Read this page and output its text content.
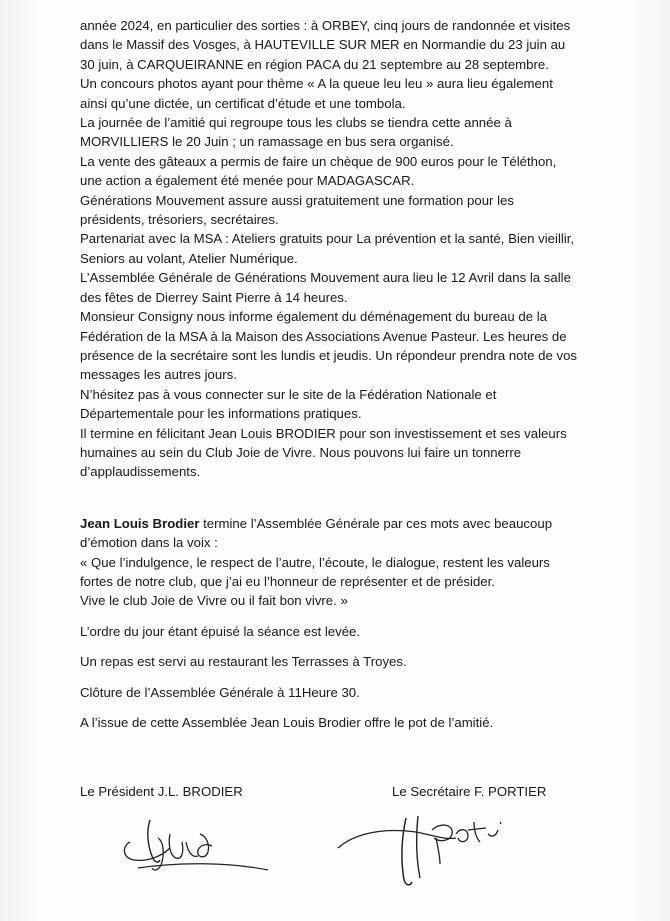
année 2024, en particulier des sorties : à ORBEY, cinq jours de randonnée et visites dans le Massif des Vosges, à HAUTEVILLE SUR MER en Normandie du 23 juin au 30 juin, à CARQUEIRANNE en région PACA du 21 septembre au 28 septembre.

Un concours photos ayant pour thème « A la queue leu leu » aura lieu également ainsi qu’une dictée, un certificat d’étude et une tombola.

La journée de l’amitié qui regroupe tous les clubs se tiendra cette année à MORVILLIERS le 20 Juin ; un ramassage en bus sera organisé.

La vente des gâteaux a permis de faire un chèque de 900 euros pour le Téléthon, une action a également été menée pour MADAGASCAR.

Générations Mouvement assure aussi gratuitement une formation pour les présidents, trésoriers, secrétaires.

Partenariat avec la MSA : Ateliers gratuits pour La prévention et la santé, Bien vieillir, Seniors au volant, Atelier Numérique.

L’Assemblée Générale de Générations Mouvement aura lieu le 12 Avril dans la salle des fêtes de Dierrey Saint Pierre à 14 heures.

Monsieur Consigny nous informe également du déménagement du bureau de la Fédération de la MSA à la Maison des Associations Avenue Pasteur. Les heures de présence de la secrétaire sont les lundis et jeudis. Un répondeur prendra note de vos messages les autres jours.

N’hésitez pas à vous connecter sur le site de la Fédération Nationale et Départementale pour les informations pratiques.

Il termine en félicitant Jean Louis BRODIER pour son investissement et ses valeurs humaines au sein du Club Joie de Vivre. Nous pouvons lui faire un tonnerre d’applaudissements.

Jean Louis Brodier termine l’Assemblée Générale par ces mots avec beaucoup d’émotion dans la voix :

« Que l’indulgence, le respect de l’autre, l’écoute, le dialogue, restent les valeurs fortes de notre club, que j’ai eu l’honneur de représenter et de présider.

Vive le club Joie de Vivre ou il fait bon vivre. »

L’ordre du jour étant épuisé la séance est levée.

Un repas est servi au restaurant les Terrasses à Troyes.

Clôture de l’Assemblée Générale à 11Heure 30.

A l’issue de cette Assemblée Jean Louis Brodier offre le pot de l’amitié.

Le Président J.L. BRODIER	Le Secrétaire F. PORTIER
